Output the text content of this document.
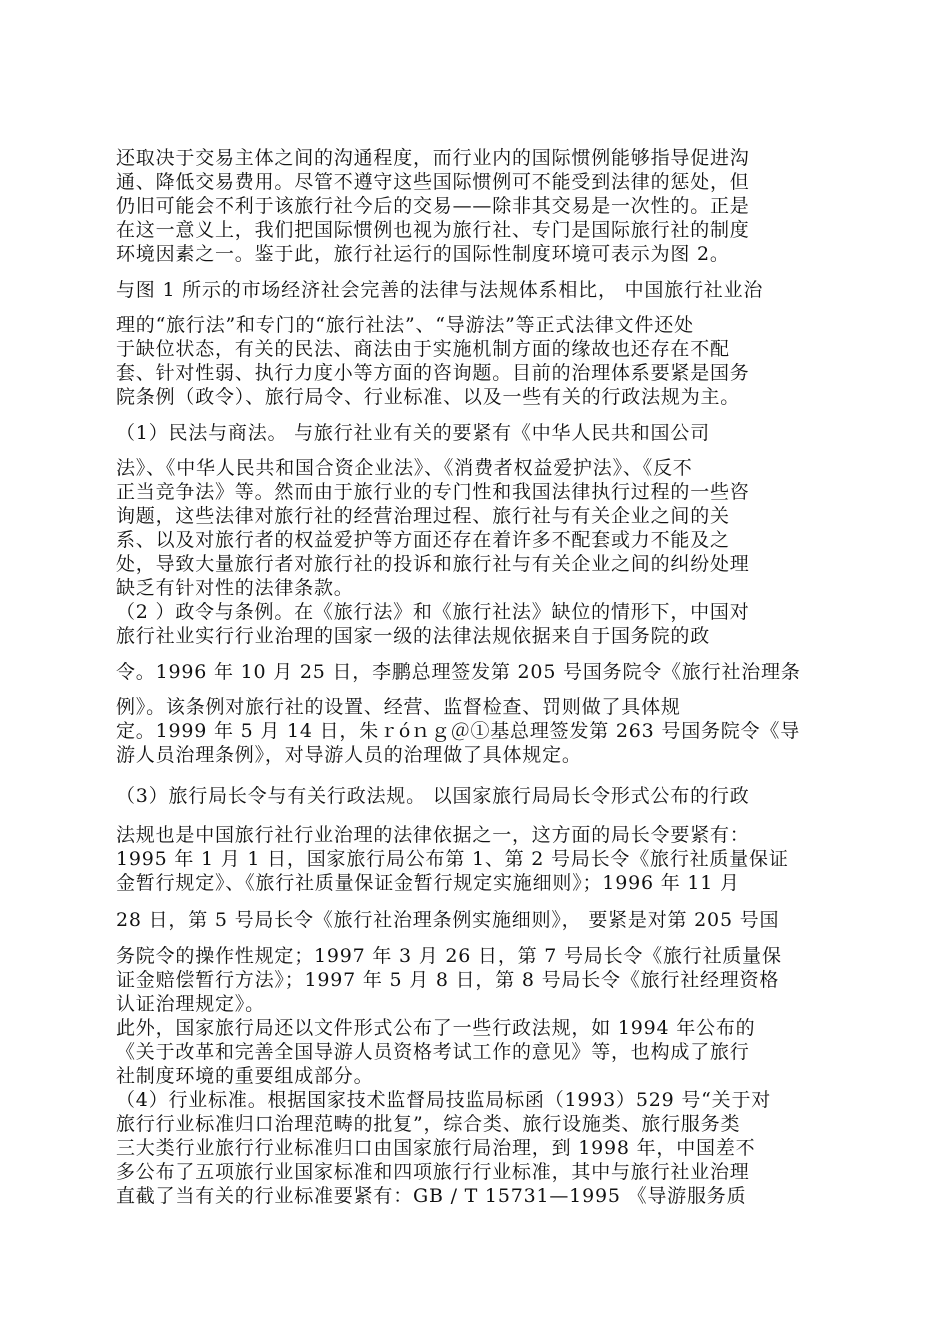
还取决于交易主体之间的沟通程度，而行业内的国际惯例能够指导促进沟

通、降低交易费用。尽管不遵守这些国际惯例可不能受到法律的惩处，但

仍旧可能会不利于该旅行社今后的交易——除非其交易是一次性的。正是

在这一意义上，我们把国际惯例也视为旅行社、专门是国际旅行社的制度

环境因素之一。鉴于此，旅行社运行的国际性制度环境可表示为图 2。

与图 1 所示的市场经济社会完善的法律与法规体系相比， 中国旅行社业治

理的“旅行法”和专门的“旅行社法”、“导游法”等正式法律文件还处

于缺位状态，有关的民法、商法由于实施机制方面的缘故也还存在不配

套、针对性弱、执行力度小等方面的咨询题。目前的治理体系要紧是国务

院条例（政令）、旅行局令、行业标准、以及一些有关的行政法规为主。

（1）民法与商法。 与旅行社业有关的要紧有《中华人民共和国公司

法》、《中华人民共和国合资企业法》、《消费者权益爱护法》、《反不

正当竞争法》等。然而由于旅行业的专门性和我国法律执行过程的一些咨

询题，这些法律对旅行社的经营治理过程、旅行社与有关企业之间的关

系、以及对旅行者的权益爱护等方面还存在着许多不配套或力不能及之

处，导致大量旅行者对旅行社的投诉和旅行社与有关企业之间的纠纷处理

缺乏有针对性的法律条款。

（2 ）政令与条例。在《旅行法》和《旅行社法》缺位的情形下，中国对

旅行社业实行行业治理的国家一级的法律法规依据来自于国务院的政

令。1996 年 10 月 25 日，李鹏总理签发第 205 号国务院令《旅行社治理条

例》。该条例对旅行社的设置、经营、监督检查、罚则做了具体规

定。1999 年 5 月 14 日，朱ｒóｎｇ＠①基总理签发第 263 号国务院令《导

游人员治理条例》，对导游人员的治理做了具体规定。

（3）旅行局长令与有关行政法规。 以国家旅行局局长令形式公布的行政

法规也是中国旅行社行业治理的法律依据之一，这方面的局长令要紧有：

1995 年 1 月 1 日，国家旅行局公布第 1、第 2 号局长令《旅行社质量保证

金暂行规定》、《旅行社质量保证金暂行规定实施细则》；1996 年 11 月

28 日，第 5 号局长令《旅行社治理条例实施细则》， 要紧是对第 205 号国

务院令的操作性规定；1997 年 3 月 26 日，第 7 号局长令《旅行社质量保

证金赔偿暂行方法》；1997 年 5 月 8 日，第 8 号局长令《旅行社经理资格

认证治理规定》。

此外，国家旅行局还以文件形式公布了一些行政法规，如 1994 年公布的

《关于改革和完善全国导游人员资格考试工作的意见》等，也构成了旅行

社制度环境的重要组成部分。

（4）行业标准。根据国家技术监督局技监局标函（1993）529 号“关于对

旅行行业标准归口治理范畴的批复”，综合类、旅行设施类、旅行服务类

三大类行业旅行行业标准归口由国家旅行局治理，到 1998 年，中国差不

多公布了五项旅行业国家标准和四项旅行行业标准，其中与旅行社业治理

直截了当有关的行业标准要紧有：GB / T 15731—1995 《导游服务质
